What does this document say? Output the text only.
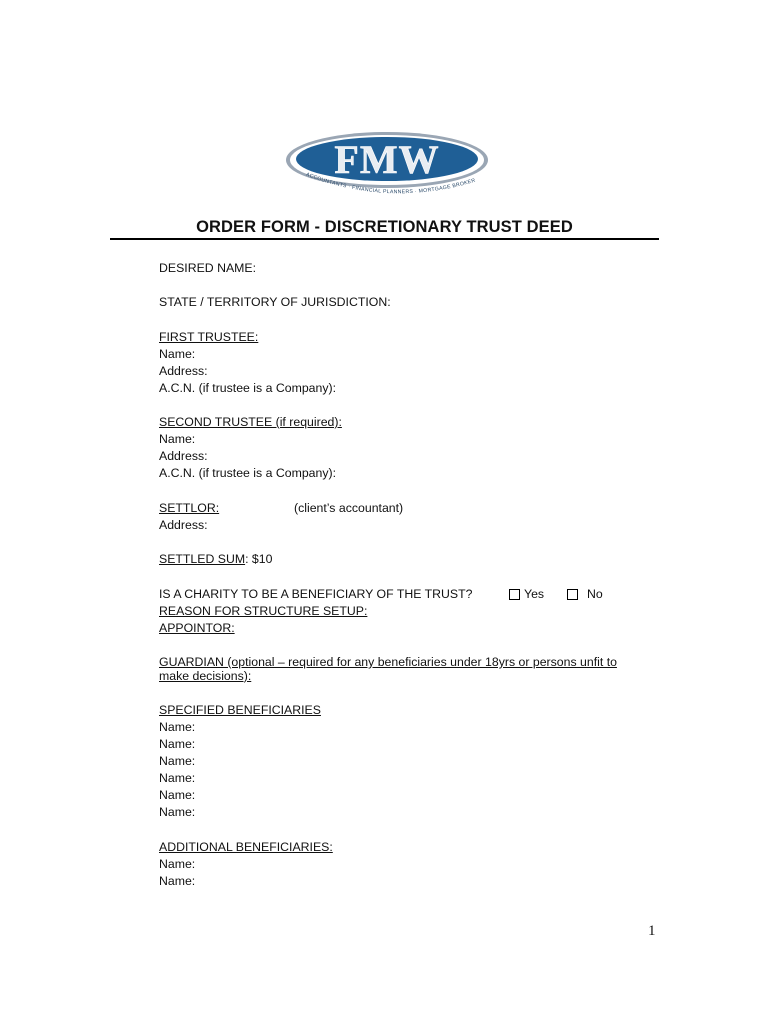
FMW
ACCOUNTANTS · FINANCIAL PLANNERS · MORTGAGE BROKER
ORDER FORM - DISCRETIONARY TRUST DEED
DESIRED NAME:
STATE / TERRITORY OF JURISDICTION:
FIRST TRUSTEE:
Name:
Address:
A.C.N. (if trustee is a Company):
SECOND TRUSTEE (if required):
Name:
Address:
A.C.N. (if trustee is a Company):
SETTLOR:	(client’s accountant)
Address:
SETTLED SUM: $10
IS A CHARITY TO BE A BENEFICIARY OF THE TRUST?	Yes	No
REASON FOR STRUCTURE SETUP:
APPOINTOR:
GUARDIAN (optional – required for any beneficiaries under 18yrs or persons unfit to
make decisions):
SPECIFIED BENEFICIARIES
Name:
Name:
Name:
Name:
Name:
Name:
ADDITIONAL BENEFICIARIES:
Name:
Name:
1
